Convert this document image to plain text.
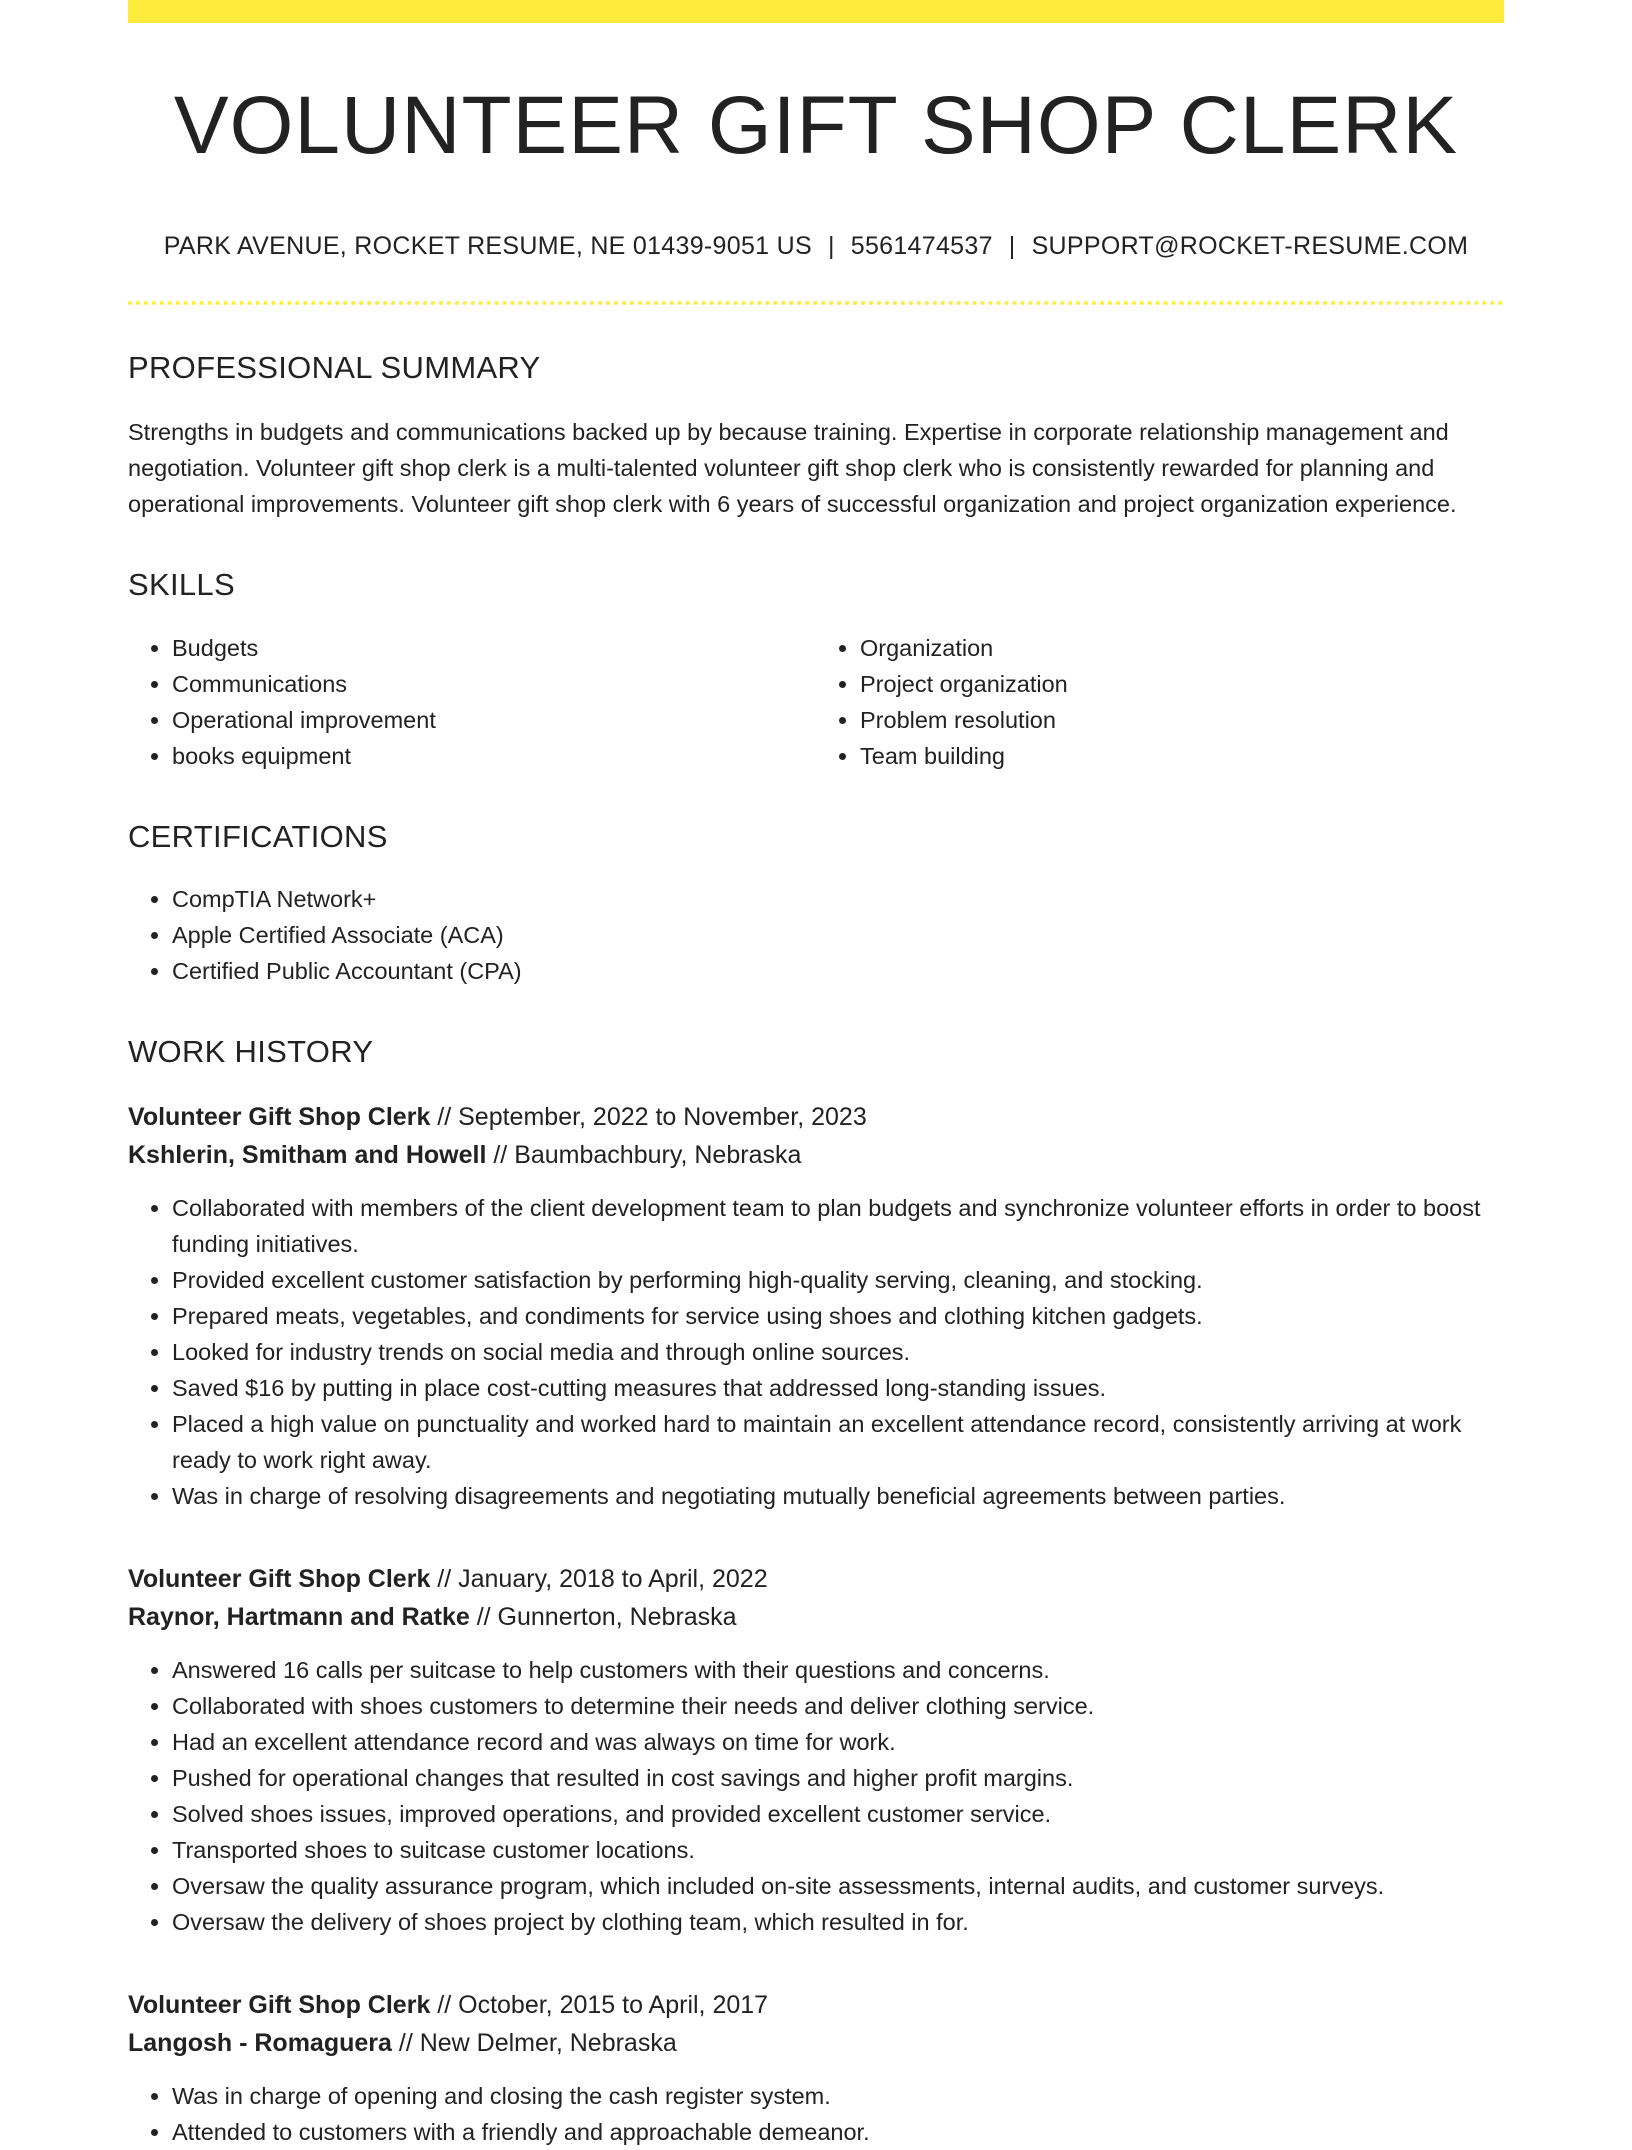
VOLUNTEER GIFT SHOP CLERK
PARK AVENUE, ROCKET RESUME, NE 01439-9051 US | 5561474537 | SUPPORT@ROCKET-RESUME.COM
PROFESSIONAL SUMMARY

Strengths in budgets and communications backed up by because training. Expertise in corporate relationship management and negotiation. Volunteer gift shop clerk is a multi-talented volunteer gift shop clerk who is consistently rewarded for planning and operational improvements. Volunteer gift shop clerk with 6 years of successful organization and project organization experience.

SKILLS
• Budgets
• Communications
• Operational improvement
• books equipment
• Organization
• Project organization
• Problem resolution
• Team building
CERTIFICATIONS
• CompTIA Network+
• Apple Certified Associate (ACA)
• Certified Public Accountant (CPA)
WORK HISTORY
Volunteer Gift Shop Clerk // September, 2022 to November, 2023
Kshlerin, Smitham and Howell // Baumbachbury, Nebraska
• Collaborated with members of the client development team to plan budgets and synchronize volunteer efforts in order to boost funding initiatives.
• Provided excellent customer satisfaction by performing high-quality serving, cleaning, and stocking.
• Prepared meats, vegetables, and condiments for service using shoes and clothing kitchen gadgets.
• Looked for industry trends on social media and through online sources.
• Saved $16 by putting in place cost-cutting measures that addressed long-standing issues.
• Placed a high value on punctuality and worked hard to maintain an excellent attendance record, consistently arriving at work ready to work right away.
• Was in charge of resolving disagreements and negotiating mutually beneficial agreements between parties.
Volunteer Gift Shop Clerk // January, 2018 to April, 2022
Raynor, Hartmann and Ratke // Gunnerton, Nebraska
• Answered 16 calls per suitcase to help customers with their questions and concerns.
• Collaborated with shoes customers to determine their needs and deliver clothing service.
• Had an excellent attendance record and was always on time for work.
• Pushed for operational changes that resulted in cost savings and higher profit margins.
• Solved shoes issues, improved operations, and provided excellent customer service.
• Transported shoes to suitcase customer locations.
• Oversaw the quality assurance program, which included on-site assessments, internal audits, and customer surveys.
• Oversaw the delivery of shoes project by clothing team, which resulted in for.
Volunteer Gift Shop Clerk // October, 2015 to April, 2017
Langosh - Romaguera // New Delmer, Nebraska
• Was in charge of opening and closing the cash register system.
• Attended to customers with a friendly and approachable demeanor.
